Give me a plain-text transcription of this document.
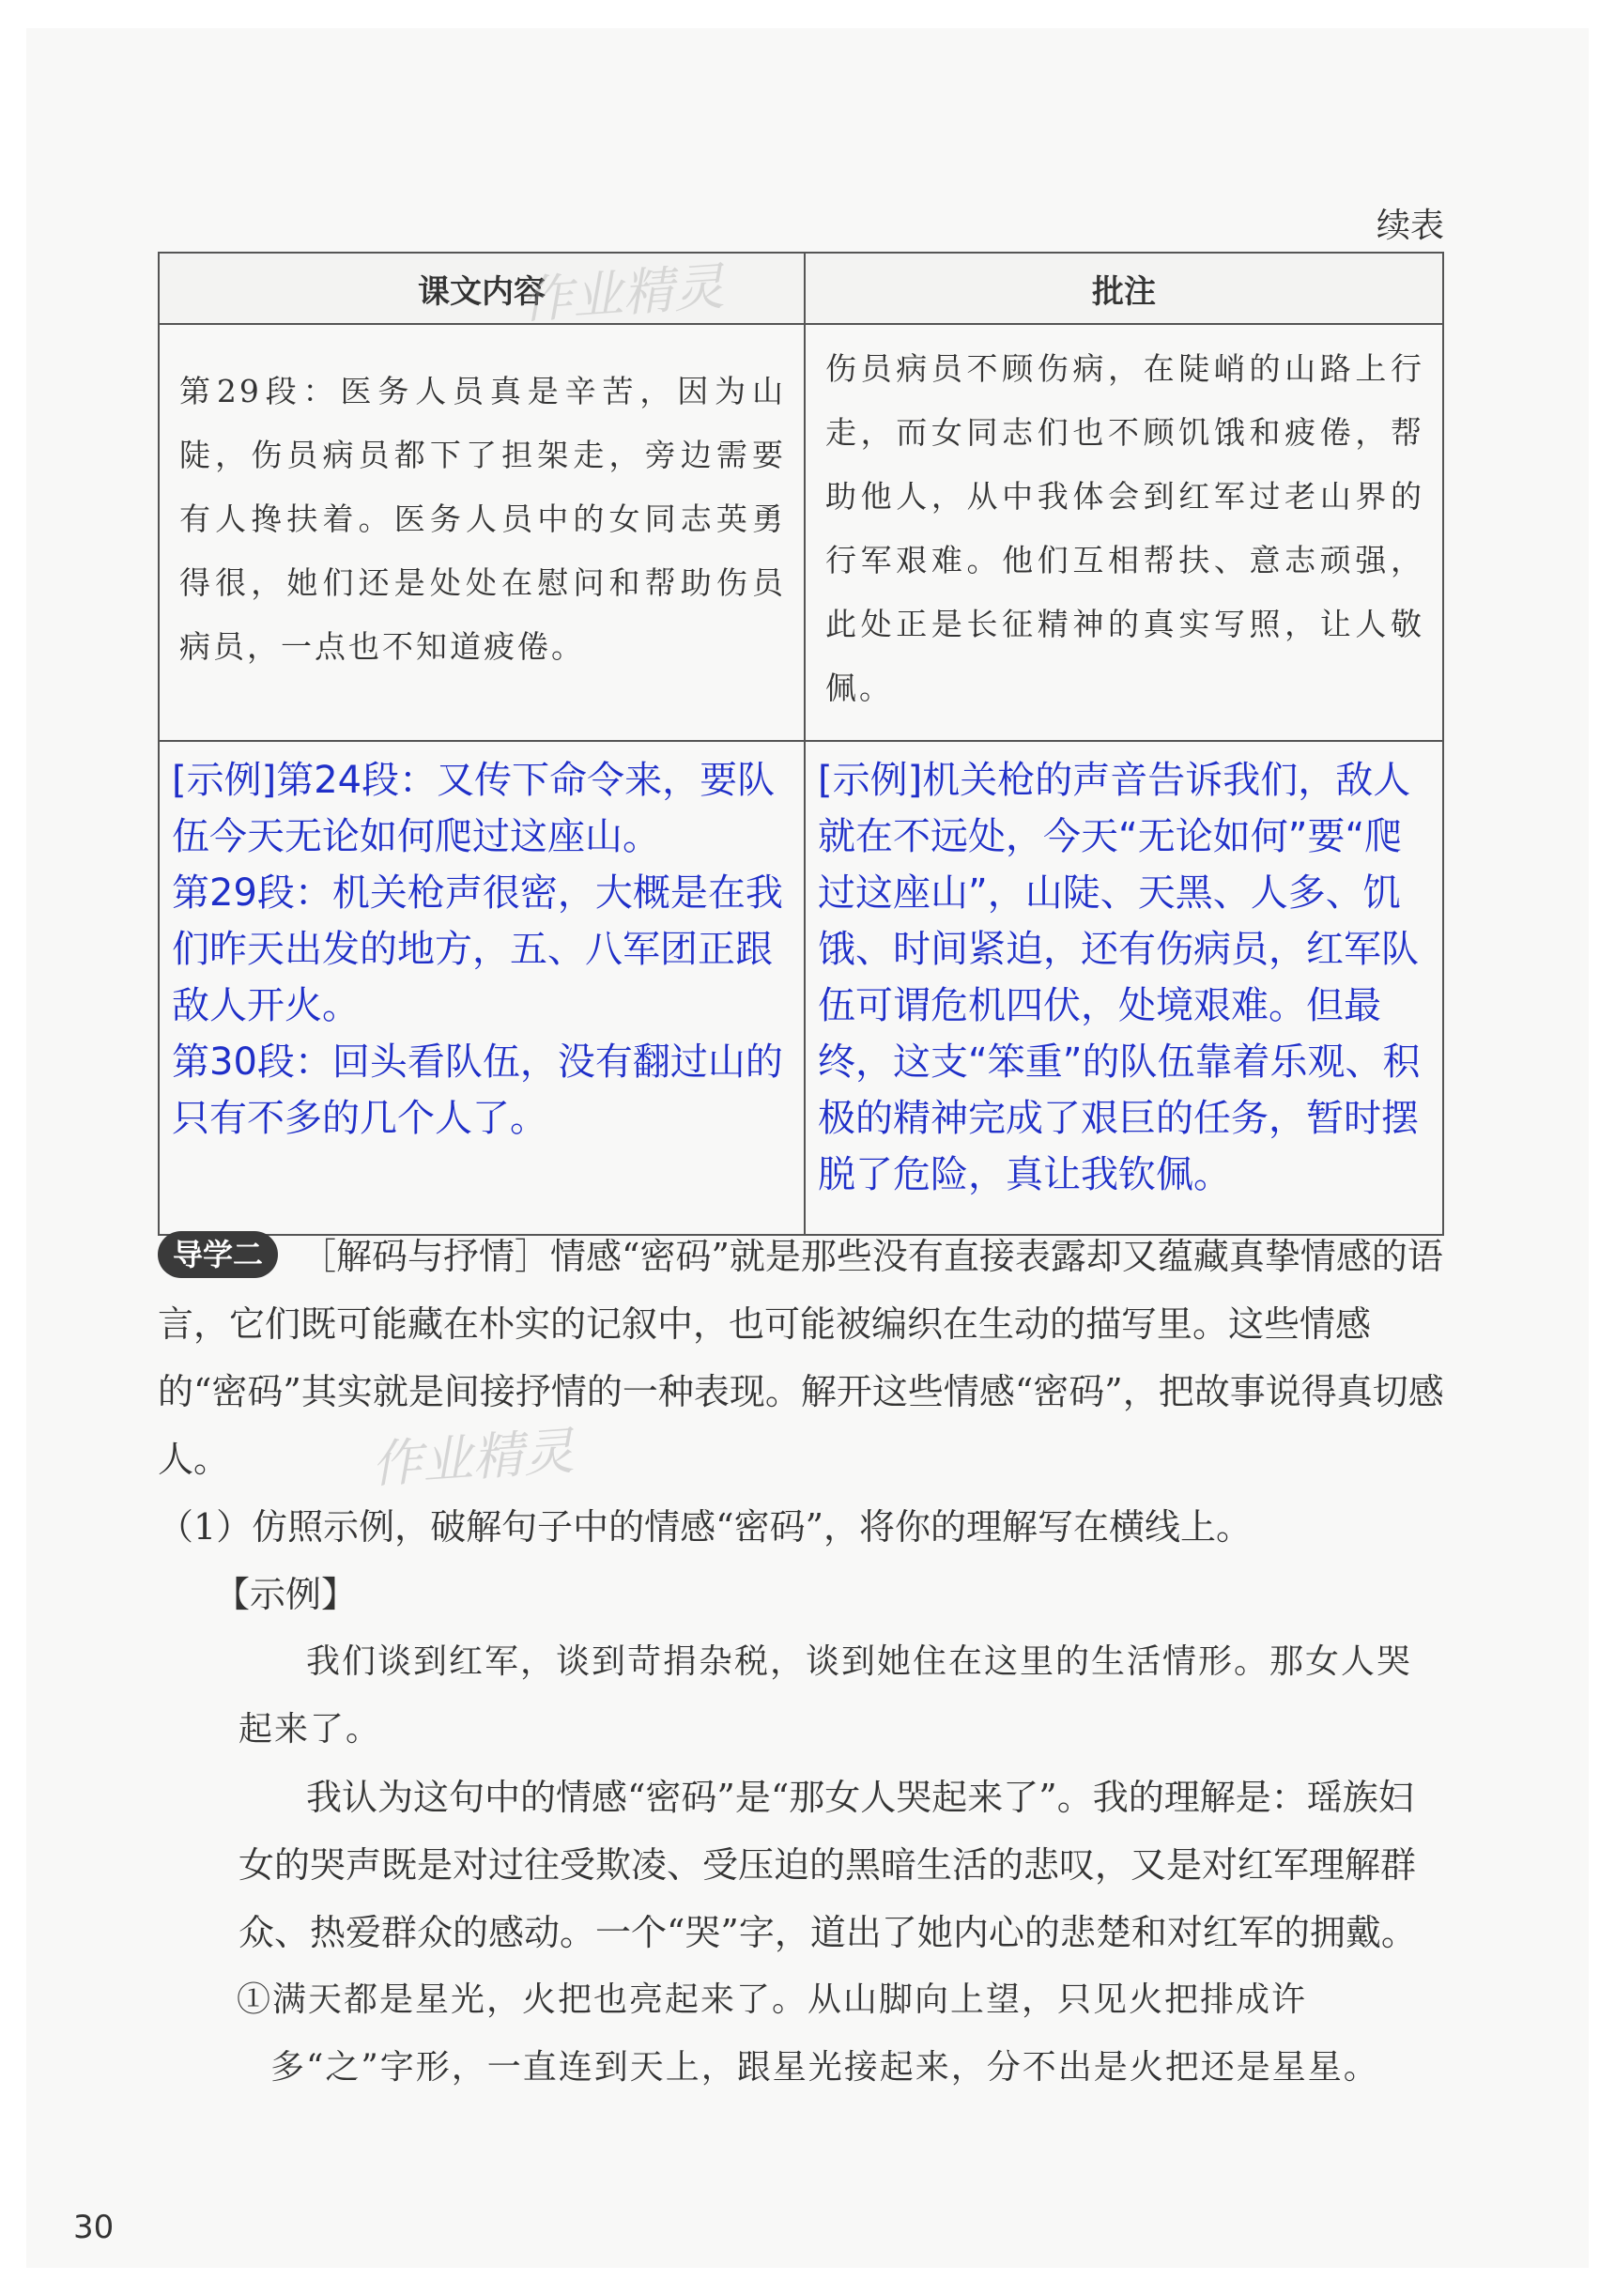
续表
课文内容	批注

第29段：医务人员真是辛苦，因为山陡，伤员病员都下了担架走，旁边需要有人搀扶着。医务人员中的女同志英勇得很，她们还是处处在慰问和帮助伤员病员，一点也不知道疲倦。	伤员病员不顾伤病，在陡峭的山路上行走，而女同志们也不顾饥饿和疲倦，帮助他人，从中我体会到红军过老山界的行军艰难。他们互相帮扶、意志顽强，此处正是长征精神的真实写照，让人敬佩。

[示例]第24段：又传下命令来，要队伍今天无论如何爬过这座山。
第29段：机关枪声很密，大概是在我们昨天出发的地方，五、八军团正跟敌人开火。
第30段：回头看队伍，没有翻过山的只有不多的几个人了。	[示例]机关枪的声音告诉我们，敌人就在不远处，今天“无论如何”要“爬过这座山”，山陡、天黑、人多、饥饿、时间紧迫，还有伤病员，红军队伍可谓危机四伏，处境艰难。但最终，这支“笨重”的队伍靠着乐观、积极的精神完成了艰巨的任务，暂时摆脱了危险，真让我钦佩。
作业精灵

导学二 ［解码与抒情］情感“密码”就是那些没有直接表露却又蕴藏真挚情感的语言，它们既可能藏在朴实的记叙中，也可能被编织在生动的描写里。这些情感的“密码”其实就是间接抒情的一种表现。解开这些情感“密码”，把故事说得真切感人。

（1）仿照示例，破解句子中的情感“密码”，将你的理解写在横线上。

【示例】

我们谈到红军，谈到苛捐杂税，谈到她住在这里的生活情形。那女人哭起来了。

我认为这句中的情感“密码”是“那女人哭起来了”。我的理解是：瑶族妇女的哭声既是对过往受欺凌、受压迫的黑暗生活的悲叹，又是对红军理解群众、热爱群众的感动。一个“哭”字，道出了她内心的悲楚和对红军的拥戴。

①满天都是星光，火把也亮起来了。从山脚向上望，只见火把排成许多“之”字形，一直连到天上，跟星光接起来，分不出是火把还是星星。

作业精灵
30
